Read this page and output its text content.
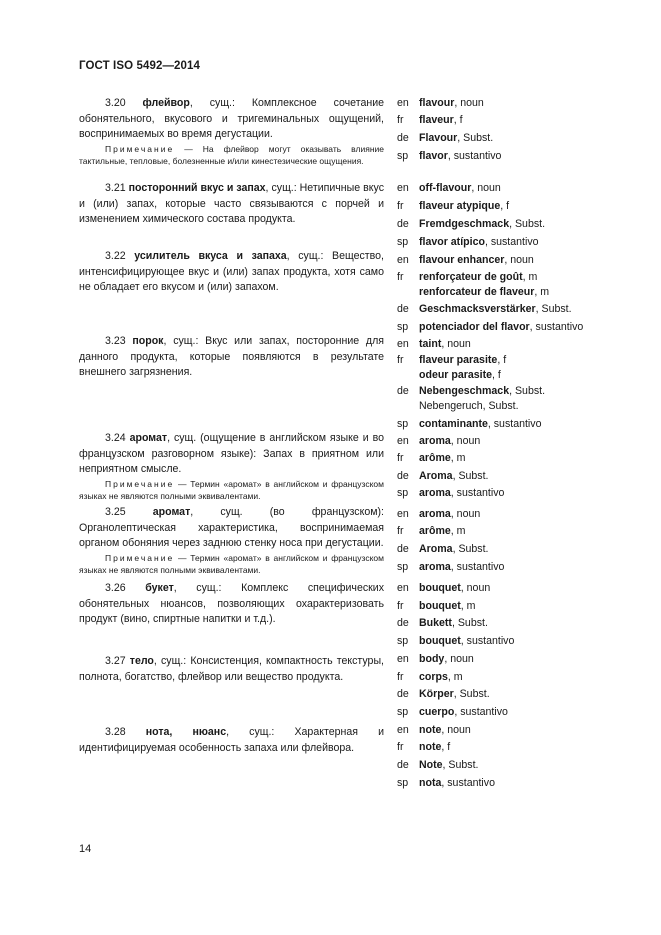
ГОСТ ISO 5492—2014

3.20 флейвор, сущ.: Комплексное сочетание обонятельного, вкусового и тригеминальных ощущений, воспринимаемых во время дегустации.

Примечание — На флейвор могут оказывать влияние тактильные, тепловые, болезненные и/или кинестезические ощущения.

3.21 посторонний вкус и запах, сущ.: Нетипичные вкус и (или) запах, которые часто связываются с порчей и изменением химического состава продукта.

3.22 усилитель вкуса и запаха, сущ.: Вещество, интенсифицирующее вкус и (или) запах продукта, хотя само не обладает его вкусом и (или) запахом.

3.23 порок, сущ.: Вкус или запах, посторонние для данного продукта, которые появляются в результате внешнего загрязнения.

3.24 аромат, сущ. (ощущение в английском языке и во французском разговорном языке): Запах в приятном или неприятном смысле.

Примечание — Термин «аромат» в английском и французском языках не являются полными эквивалентами.

3.25	аромат, сущ. (во французском): Органолептическая характеристика, воспринимаемая органом обоняния через заднюю стенку носа при дегустации.

Примечание — Термин «аромат» в английском и французском языках не являются полными эквивалентами.

3.26 букет, сущ.: Комплекс специфических обонятельных нюансов, позволяющих охарактеризовать продукт (вино, спиртные напитки и т.д.).

3.27 тело, сущ.: Консистенция, компактность текстуры, полнота, богатство, флейвор или вещество продукта.

3.28 нота, нюанс, сущ.: Характерная и идентифицируемая особенность запаха или флейвора.

en flavour, noun
fr flaveur, f
de Flavour, Subst.
sp flavor, sustantivo
en off-flavour, noun
fr flaveur atypique, f
de Fremdgeschmack, Subst.
sp flavor atípico, sustantivo
en flavour enhancer, noun
fr renforçateur de goût, m
renforcateur de flaveur, m
de Geschmacksverstärker, Subst.
sp potenciador del flavor, sustantivo
en taint, noun
fr flaveur parasite, f
odeur parasite, f
de Nebengeschmack, Subst.
Nebengeruch, Subst.
sp contaminante, sustantivo
en aroma, noun
fr arôme, m
de Aroma, Subst.
sp aroma, sustantivo
en aroma, noun
fr arôme, m
de Aroma, Subst.
sp aroma, sustantivo
en bouquet, noun
fr bouquet, m
de Bukett, Subst.
sp bouquet, sustantivo
en body, noun
fr corps, m
de Körper, Subst.
sp cuerpo, sustantivo
en note, noun
fr note, f
de Note, Subst.
sp nota, sustantivo
14
